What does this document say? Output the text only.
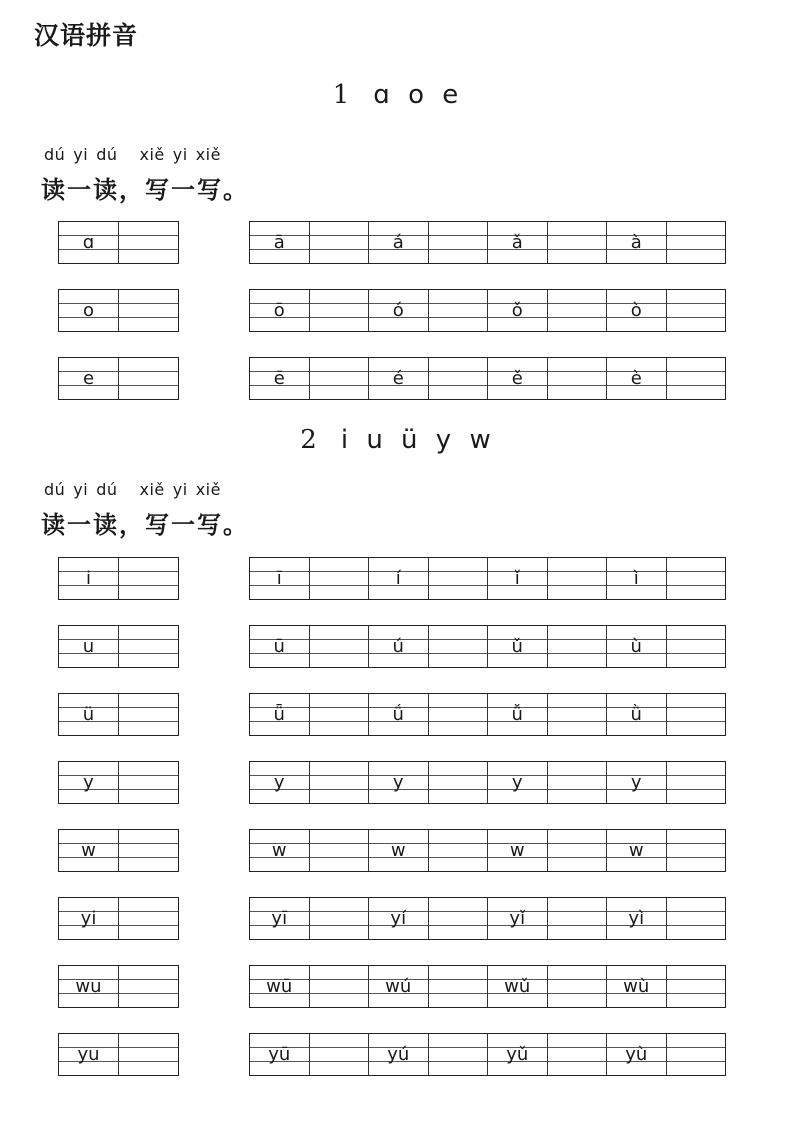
汉语拼音
1 ɑ o e
dú yi dú xiě yi xiě
读一读，写一写。
ɑ	ā	á	ǎ	à
o	ō	ó	ǒ	ò
e	ē	é	ě	è
2 i u ü y w
dú yi dú xiě yi xiě
读一读，写一写。
i	ī	í	ǐ	ì
u	ū	ú	ǔ	ù
ü	ǖ	ǘ	ǚ	ǜ
y	y	y	y	y
w	w	w	w	w
yi	yī	yí	yǐ	yì
wu	wū	wú	wǔ	wù
yu	yū	yú	yǔ	yù
